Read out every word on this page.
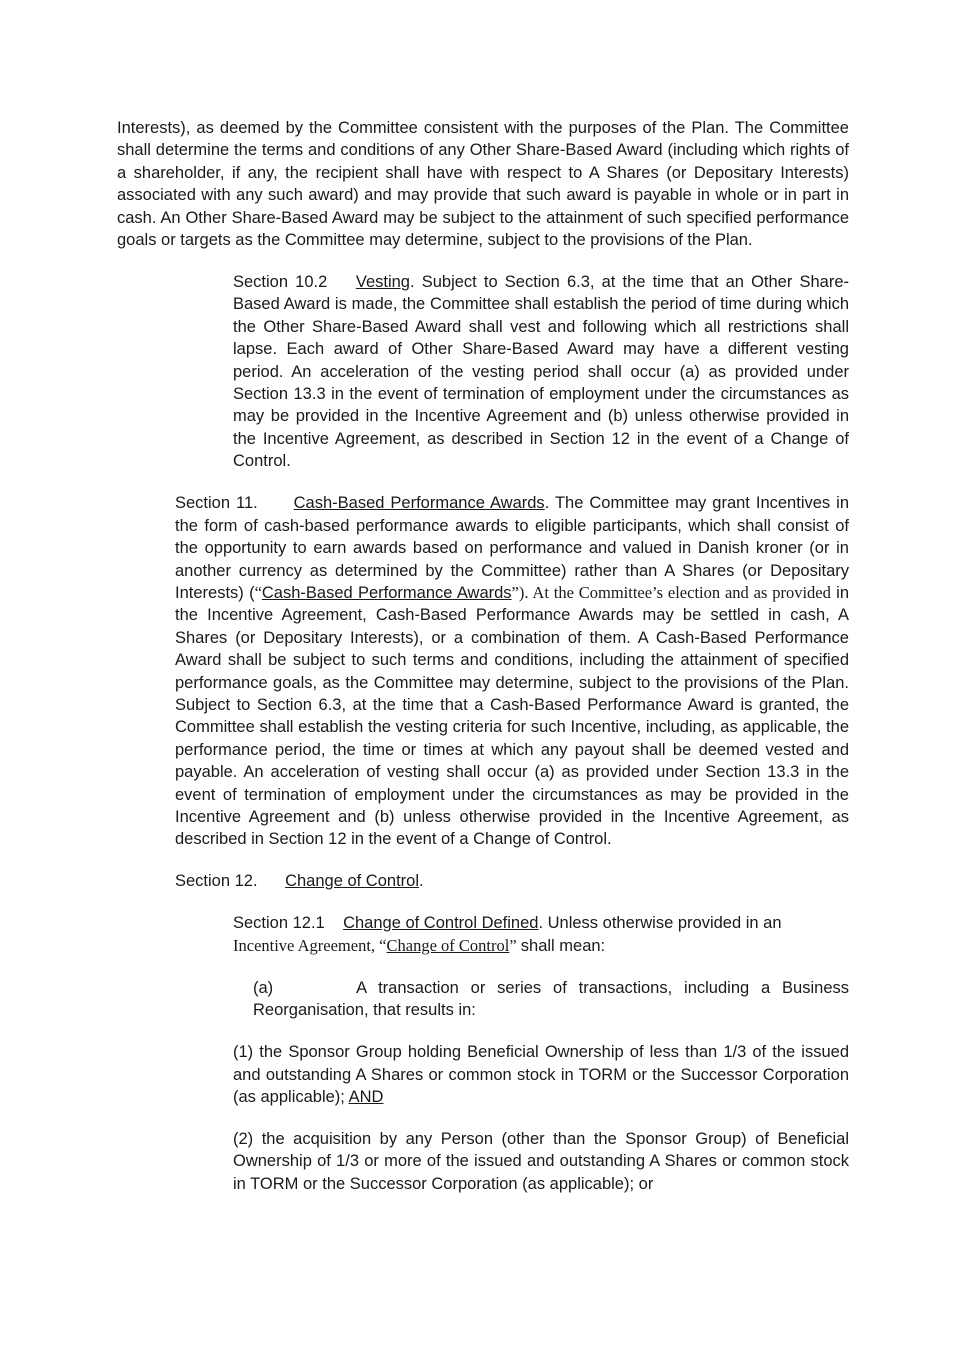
Interests), as deemed by the Committee consistent with the purposes of the Plan. The Committee shall determine the terms and conditions of any Other Share-Based Award (including which rights of a shareholder, if any, the recipient shall have with respect to A Shares (or Depositary Interests) associated with any such award) and may provide that such award is payable in whole or in part in cash. An Other Share-Based Award may be subject to the attainment of such specified performance goals or targets as the Committee may determine, subject to the provisions of the Plan.

Section 10.2 Vesting. Subject to Section 6.3, at the time that an Other Share-Based Award is made, the Committee shall establish the period of time during which the Other Share-Based Award shall vest and following which all restrictions shall lapse. Each award of Other Share-Based Award may have a different vesting period. An acceleration of the vesting period shall occur (a) as provided under Section 13.3 in the event of termination of employment under the circumstances as may be provided in the Incentive Agreement and (b) unless otherwise provided in the Incentive Agreement, as described in Section 12 in the event of a Change of Control.

Section 11. Cash-Based Performance Awards. The Committee may grant Incentives in the form of cash-based performance awards to eligible participants, which shall consist of the opportunity to earn awards based on performance and valued in Danish kroner (or in another currency as determined by the Committee) rather than A Shares (or Depositary Interests) (“Cash-Based Performance Awards”). At the Committee’s election and as provided in the Incentive Agreement, Cash-Based Performance Awards may be settled in cash, A Shares (or Depositary Interests), or a combination of them. A Cash-Based Performance Award shall be subject to such terms and conditions, including the attainment of specified performance goals, as the Committee may determine, subject to the provisions of the Plan. Subject to Section 6.3, at the time that a Cash-Based Performance Award is granted, the Committee shall establish the vesting criteria for such Incentive, including, as applicable, the performance period, the time or times at which any payout shall be deemed vested and payable. An acceleration of vesting shall occur (a) as provided under Section 13.3 in the event of termination of employment under the circumstances as may be provided in the Incentive Agreement and (b) unless otherwise provided in the Incentive Agreement, as described in Section 12 in the event of a Change of Control.

Section 12. Change of Control.

Section 12.1 Change of Control Defined. Unless otherwise provided in an
Incentive Agreement, “Change of Control” shall mean:

(a)	A transaction or series of transactions, including a Business Reorganisation, that results in:

(1) the Sponsor Group holding Beneficial Ownership of less than 1/3 of the issued and outstanding A Shares or common stock in TORM or the Successor Corporation (as applicable); AND

(2) the acquisition by any Person (other than the Sponsor Group) of Beneficial Ownership of 1/3 or more of the issued and outstanding A Shares or common stock in TORM or the Successor Corporation (as applicable); or
